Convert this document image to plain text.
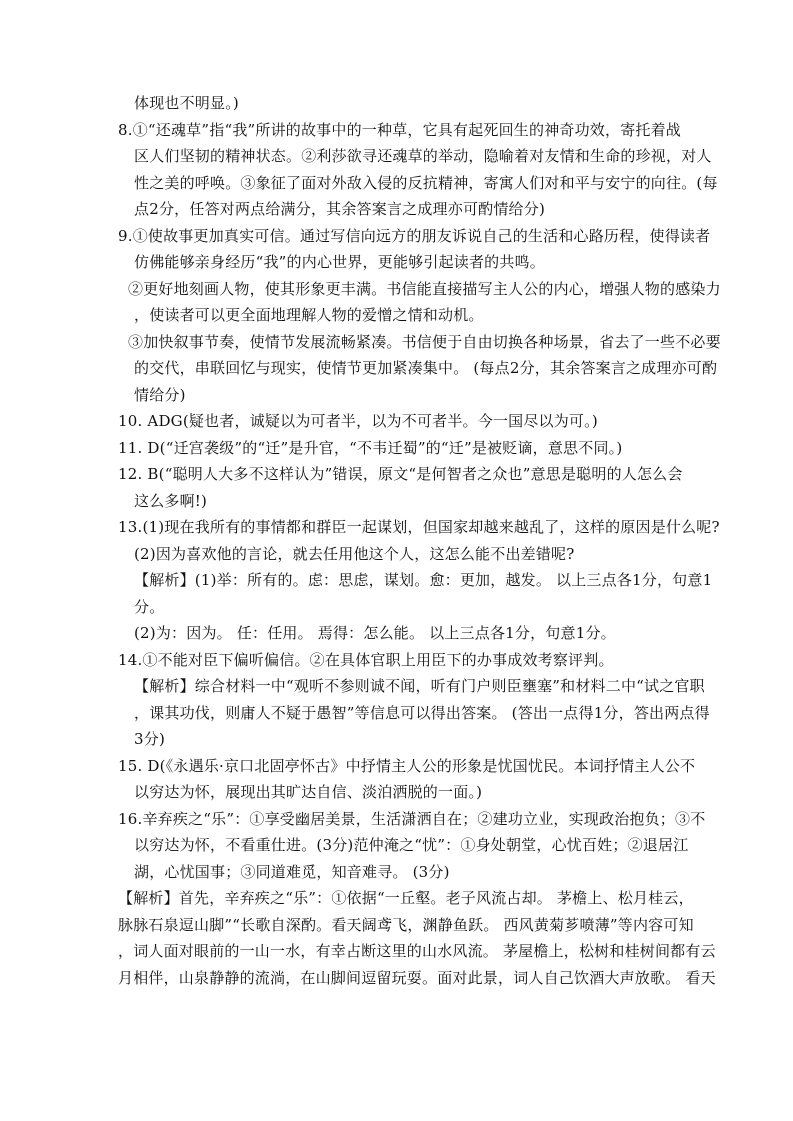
体现也不明显。)
8.①“还魂草”指“我”所讲的故事中的一种草，它具有起死回生的神奇功效，寄托着战
区人们坚韧的精神状态。②利莎欲寻还魂草的举动，隐喻着对友情和生命的珍视，对人
性之美的呼唤。③象征了面对外敌入侵的反抗精神，寄寓人们对和平与安宁的向往。(每
点2分，任答对两点给满分，其余答案言之成理亦可酌情给分)
9.①使故事更加真实可信。通过写信向远方的朋友诉说自己的生活和心路历程，使得读者
仿佛能够亲身经历“我”的内心世界，更能够引起读者的共鸣。
②更好地刻画人物，使其形象更丰满。书信能直接描写主人公的内心，增强人物的感染力
，使读者可以更全面地理解人物的爱憎之情和动机。
③加快叙事节奏，使情节发展流畅紧凑。书信便于自由切换各种场景，省去了一些不必要
的交代，串联回忆与现实，使情节更加紧凑集中。 (每点2分，其余答案言之成理亦可酌
情给分)
10. ADG(疑也者，诚疑以为可者半，以为不可者半。今一国尽以为可。)
11. D(“迁宫袭级”的“迁”是升官，“不韦迁蜀”的“迁”是被贬谪，意思不同。)
12. B(“聪明人大多不这样认为”错误，原文“是何智者之众也”意思是聪明的人怎么会
这么多啊!)
13.(1)现在我所有的事情都和群臣一起谋划，但国家却越来越乱了，这样的原因是什么呢?
(2)因为喜欢他的言论，就去任用他这个人，这怎么能不出差错呢?
【解析】(1)举：所有的。虑：思虑，谋划。愈：更加，越发。 以上三点各1分，句意1
分。
(2)为：因为。 任：任用。 焉得：怎么能。 以上三点各1分，句意1分。
14.①不能对臣下偏听偏信。②在具体官职上用臣下的办事成效考察评判。
【解析】综合材料一中“观听不参则诚不闻，听有门户则臣壅塞”和材料二中“试之官职
，课其功伐，则庸人不疑于愚智”等信息可以得出答案。 (答出一点得1分，答出两点得
3分)
15. D(《永遇乐·京口北固亭怀古》中抒情主人公的形象是忧国忧民。本词抒情主人公不
以穷达为怀，展现出其旷达自信、淡泊洒脱的一面。)
16.辛弃疾之“乐”：①享受幽居美景，生活潇洒自在；②建功立业，实现政治抱负；③不
以穷达为怀，不看重仕进。(3分)范仲淹之“忧”：①身处朝堂，心忧百姓；②退居江
湖，心忧国事；③同道难觅，知音难寻。 (3分)
【解析】首先，辛弃疾之“乐”：①依据“一丘壑。老子风流占却。 茅檐上、松月桂云，
脉脉石泉逗山脚”“长歌自深酌。看天阔鸢飞，渊静鱼跃。 西风黄菊芗喷薄”等内容可知
，词人面对眼前的一山一水，有幸占断这里的山水风流。 茅屋檐上，松树和桂树间都有云
月相伴，山泉静静的流淌，在山脚间逗留玩耍。面对此景，词人自己饮酒大声放歌。 看天
